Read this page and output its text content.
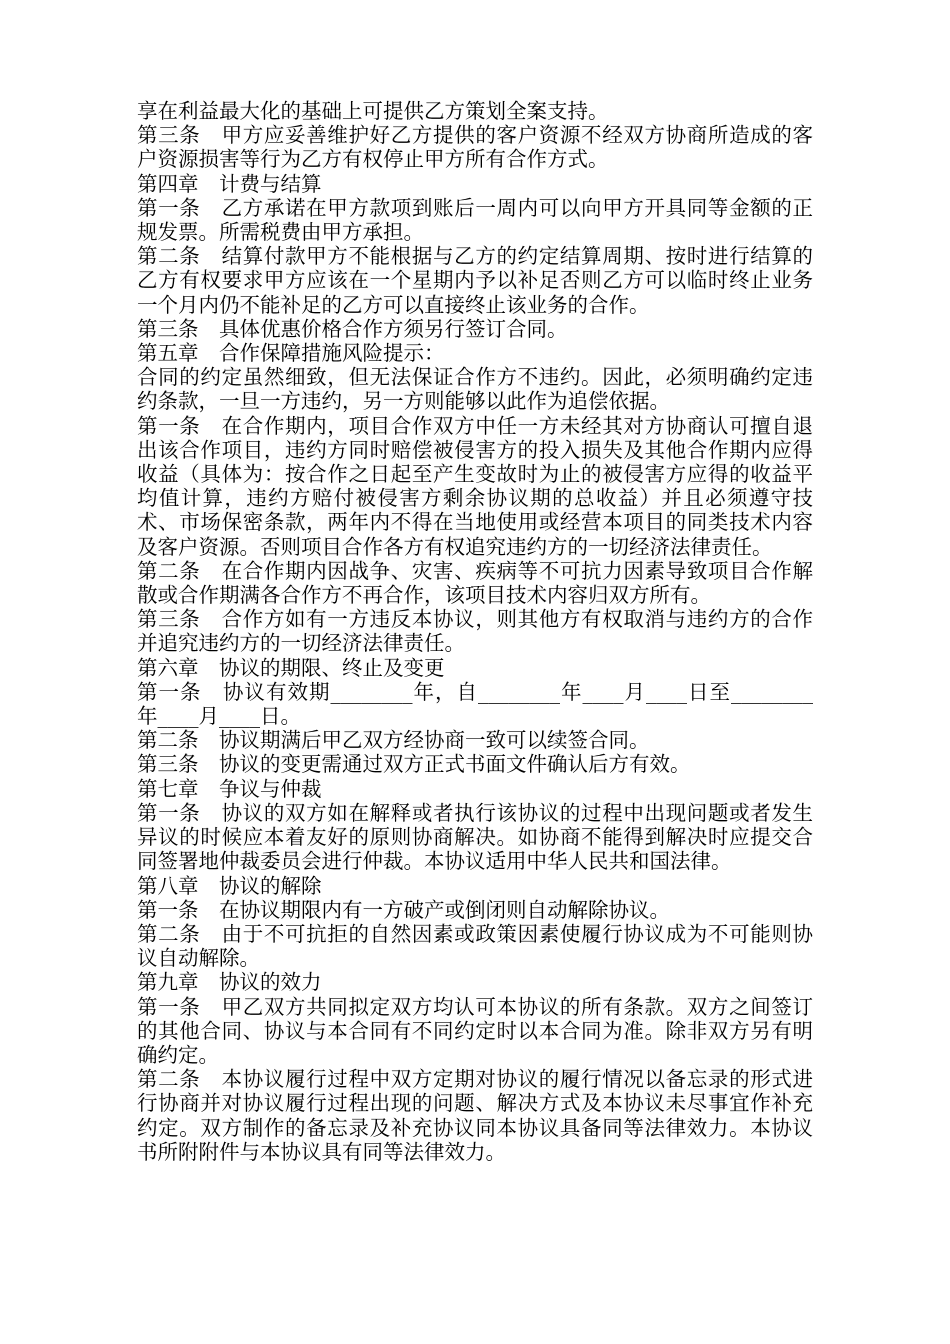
享在利益最大化的基础上可提供乙方策划全案支持。

第三条　甲方应妥善维护好乙方提供的客户资源不经双方协商所造成的客户资源损害等行为乙方有权停止甲方所有合作方式。

第四章　计费与结算

第一条　乙方承诺在甲方款项到账后一周内可以向甲方开具同等金额的正规发票。所需税费由甲方承担。

第二条　结算付款甲方不能根据与乙方的约定结算周期、按时进行结算的乙方有权要求甲方应该在一个星期内予以补足否则乙方可以临时终止业务一个月内仍不能补足的乙方可以直接终止该业务的合作。

第三条　具体优惠价格合作方须另行签订合同。

第五章　合作保障措施风险提示：

合同的约定虽然细致，但无法保证合作方不违约。因此，必须明确约定违约条款，一旦一方违约，另一方则能够以此作为追偿依据。

第一条　在合作期内，项目合作双方中任一方未经其对方协商认可擅自退出该合作项目，违约方同时赔偿被侵害方的投入损失及其他合作期内应得收益（具体为：按合作之日起至产生变故时为止的被侵害方应得的收益平均值计算，违约方赔付被侵害方剩余协议期的总收益）并且必须遵守技术、市场保密条款，两年内不得在当地使用或经营本项目的同类技术内容及客户资源。否则项目合作各方有权追究违约方的一切经济法律责任。

第二条　在合作期内因战争、灾害、疾病等不可抗力因素导致项目合作解散或合作期满各合作方不再合作，该项目技术内容归双方所有。

第三条　合作方如有一方违反本协议，则其他方有权取消与违约方的合作并追究违约方的一切经济法律责任。

第六章　协议的期限、终止及变更

第一条　协议有效期________年，自________年____月____日至________年____月____日。

第二条　协议期满后甲乙双方经协商一致可以续签合同。

第三条　协议的变更需通过双方正式书面文件确认后方有效。

第七章　争议与仲裁

第一条　协议的双方如在解释或者执行该协议的过程中出现问题或者发生异议的时候应本着友好的原则协商解决。如协商不能得到解决时应提交合同签署地仲裁委员会进行仲裁。本协议适用中华人民共和国法律。

第八章　协议的解除

第一条　在协议期限内有一方破产或倒闭则自动解除协议。

第二条　由于不可抗拒的自然因素或政策因素使履行协议成为不可能则协议自动解除。

第九章　协议的效力

第一条　甲乙双方共同拟定双方均认可本协议的所有条款。双方之间签订的其他合同、协议与本合同有不同约定时以本合同为准。除非双方另有明确约定。

第二条　本协议履行过程中双方定期对协议的履行情况以备忘录的形式进行协商并对协议履行过程出现的问题、解决方式及本协议未尽事宜作补充约定。双方制作的备忘录及补充协议同本协议具备同等法律效力。本协议书所附附件与本协议具有同等法律效力。
